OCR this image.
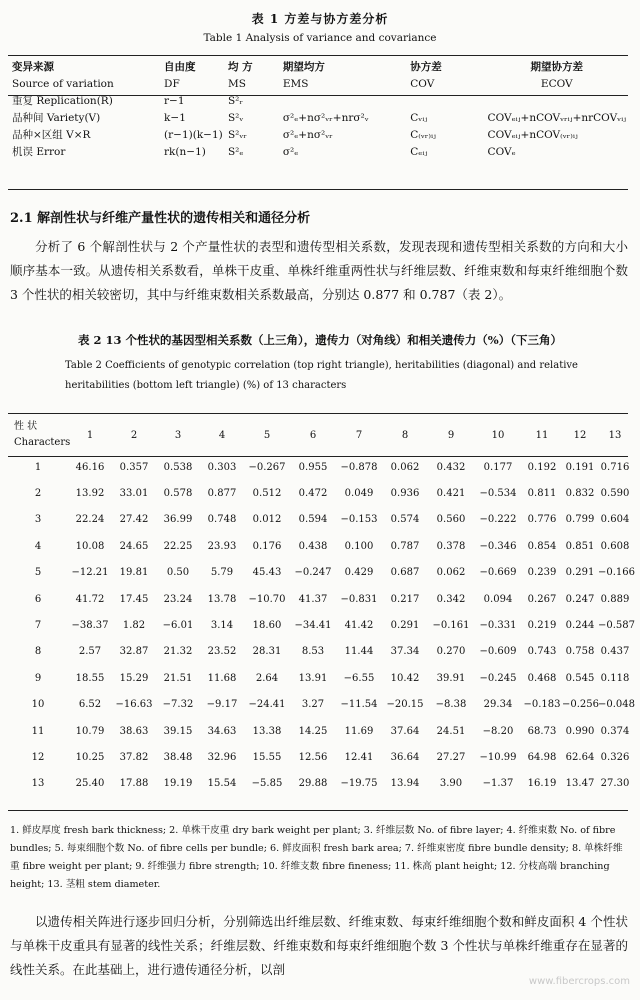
表 1 方差与协方差分析
Table 1 Analysis of variance and covariance
变异来源	自由度	均 方	期望均方	协方差	期望协方差
Source of variation	DF	MS	EMS	COV	ECOV
重复 Replication(R)	r−1	S²ᵣ			
品种间 Variety(V)	k−1	S²ᵥ	σ²ₑ+nσ²ᵥᵣ+nrσ²ᵥ	Cᵥᵢⱼ	COVₑᵢⱼ+nCOVᵥᵣᵢⱼ+nrCOVᵥᵢⱼ
品种×区组 V×R	(r−1)(k−1)	S²ᵥᵣ	σ²ₑ+nσ²ᵥᵣ	C₍ᵥᵣ₎ᵢⱼ	COVₑᵢⱼ+nCOV₍ᵥᵣ₎ᵢⱼ
机误 Error	rk(n−1)	S²ₑ	σ²ₑ	Cₑᵢⱼ	COVₑ
2.1 解剖性状与纤维产量性状的遗传相关和通径分析
分析了 6 个解剖性状与 2 个产量性状的表型和遗传型相关系数，发现表现和遗传型相关系数的方向和大小顺序基本一致。从遗传相关系数看，单株干皮重、单株纤维重两性状与纤维层数、纤维束数和每束纤维细胞个数 3 个性状的相关较密切，其中与纤维束数相关系数最高，分别达 0.877 和 0.787（表 2）。
表 2 13 个性状的基因型相关系数（上三角），遗传力（对角线）和相关遗传力（%）（下三角）
Table 2 Coefficients of genotypic correlation (top right triangle), heritabilities (diagonal) and relative heritabilities (bottom left triangle) (%) of 13 characters
性 状
Characters	1	2	3	4	5	6	7	8	9	10	11	12	13
1	46.16	0.357	0.538	0.303	−0.267	0.955	−0.878	0.062	0.432	0.177	0.192	0.191	0.716
2	13.92	33.01	0.578	0.877	0.512	0.472	0.049	0.936	0.421	−0.534	0.811	0.832	0.590
3	22.24	27.42	36.99	0.748	0.012	0.594	−0.153	0.574	0.560	−0.222	0.776	0.799	0.604
4	10.08	24.65	22.25	23.93	0.176	0.438	0.100	0.787	0.378	−0.346	0.854	0.851	0.608
5	−12.21	19.81	0.50	5.79	45.43	−0.247	0.429	0.687	0.062	−0.669	0.239	0.291	−0.166
6	41.72	17.45	23.24	13.78	−10.70	41.37	−0.831	0.217	0.342	0.094	0.267	0.247	0.889
7	−38.37	1.82	−6.01	3.14	18.60	−34.41	41.42	0.291	−0.161	−0.331	0.219	0.244	−0.587
8	2.57	32.87	21.32	23.52	28.31	8.53	11.44	37.34	0.270	−0.609	0.743	0.758	0.437
9	18.55	15.29	21.51	11.68	2.64	13.91	−6.55	10.42	39.91	−0.245	0.468	0.545	0.118
10	6.52	−16.63	−7.32	−9.17	−24.41	3.27	−11.54	−20.15	−8.38	29.34	−0.183	−0.256	−0.048
11	10.79	38.63	39.15	34.63	13.38	14.25	11.69	37.64	24.51	−8.20	68.73	0.990	0.374
12	10.25	37.82	38.48	32.96	15.55	12.56	12.41	36.64	27.27	−10.99	64.98	62.64	0.326
13	25.40	17.88	19.19	15.54	−5.85	29.88	−19.75	13.94	3.90	−1.37	16.19	13.47	27.30
1. 鲜皮厚度 fresh bark thickness; 2. 单株干皮重 dry bark weight per plant; 3. 纤维层数 No. of fibre layer; 4. 纤维束数 No. of fibre bundles; 5. 每束细胞个数 No. of fibre cells per bundle; 6. 鲜皮面积 fresh bark area; 7. 纤维束密度 fibre bundle density; 8. 单株纤维重 fibre weight per plant; 9. 纤维强力 fibre strength; 10. 纤维支数 fibre fineness; 11. 株高 plant height; 12. 分枝高端 branching height; 13. 茎粗 stem diameter.
以遗传相关阵进行逐步回归分析，分别筛选出纤维层数、纤维束数、每束纤维细胞个数和鲜皮面积 4 个性状与单株干皮重具有显著的线性关系；纤维层数、纤维束数和每束纤维细胞个数 3 个性状与单株纤维重存在显著的线性关系。在此基础上，进行遗传通径分析，以剖
www.fibercrops.com
